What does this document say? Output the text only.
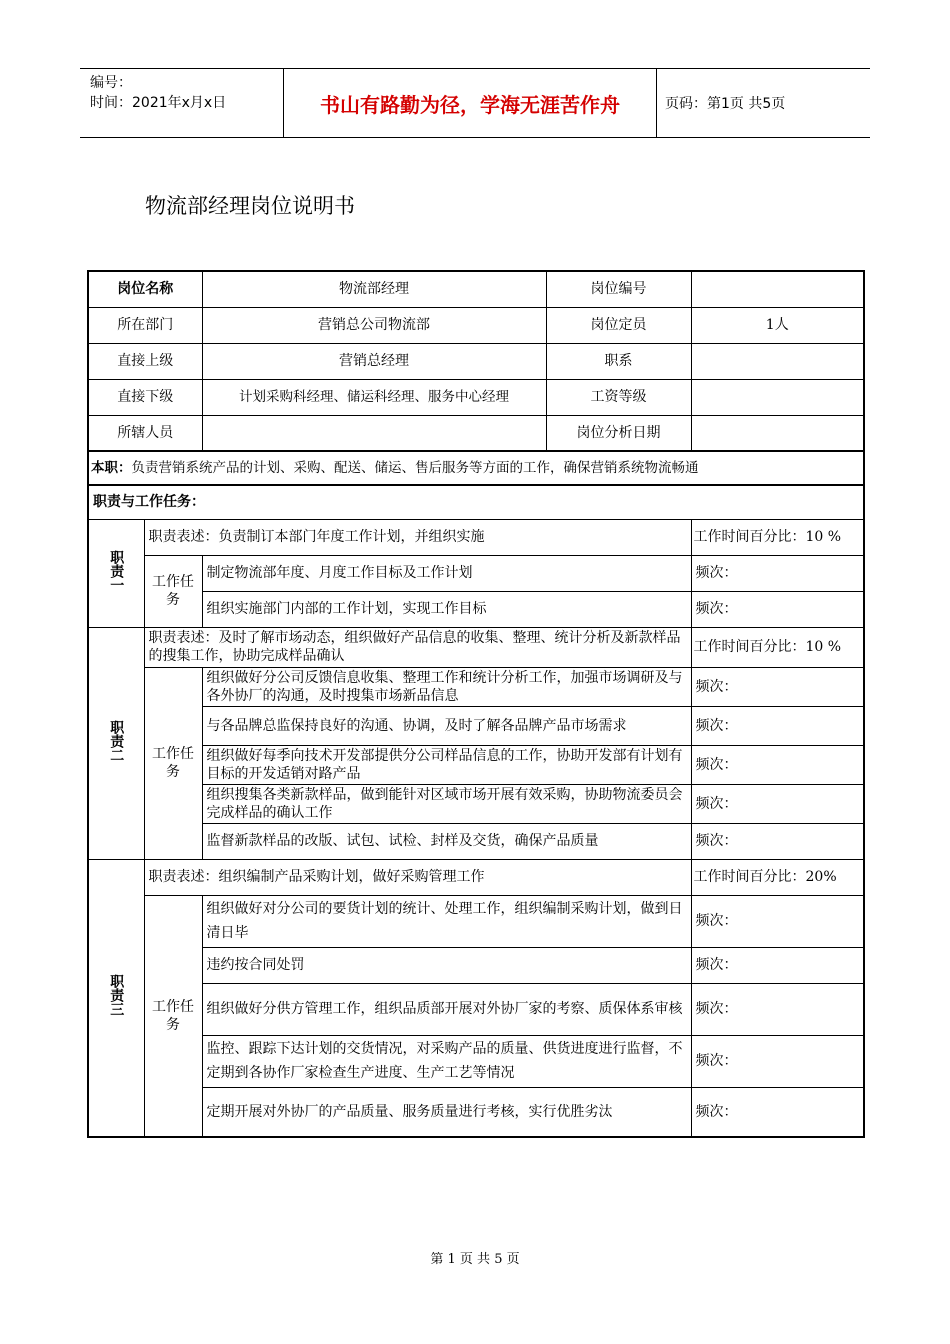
编号：
时间：2021年x月x日	书山有路勤为径，学海无涯苦作舟	页码：第1页 共5页
物流部经理岗位说明书
岗位名称		物流部经理	岗位编号	
所在部门		营销总公司物流部	岗位定员	1人
直接上级		营销总经理	职系	
直接下级		计划采购科经理、储运科经理、服务中心经理	工资等级	
所辖人员			岗位分析日期	
本职：负责营销系统产品的计划、采购、配送、储运、售后服务等方面的工作，确保营销系统物流畅通				
职责与工作任务：				
职责一	职责表述：负责制订本部门年度工作计划，并组织实施			工作时间百分比：10 %
	工作任务	制定物流部年度、月度工作目标及工作计划		频次：
		组织实施部门内部的工作计划，实现工作目标		频次：
职责二	职责表述：及时了解市场动态，组织做好产品信息的收集、整理、统计分析及新款样品的搜集工作，协助完成样品确认			工作时间百分比：10 %
	工作任务	组织做好分公司反馈信息收集、整理工作和统计分析工作，加强市场调研及与各外协厂的沟通，及时搜集市场新品信息		频次：
		与各品牌总监保持良好的沟通、协调，及时了解各品牌产品市场需求		频次：
		组织做好每季向技术开发部提供分公司样品信息的工作，协助开发部有计划有目标的开发适销对路产品		频次：
		组织搜集各类新款样品，做到能针对区域市场开展有效采购，协助物流委员会完成样品的确认工作		频次：
		监督新款样品的改版、试包、试检、封样及交货，确保产品质量		频次：
职责三	职责表述：组织编制产品采购计划，做好采购管理工作			工作时间百分比：20%
	工作任务	组织做好对分公司的要货计划的统计、处理工作，组织编制采购计划，做到日清日毕		频次：
		违约按合同处罚		频次：
		组织做好分供方管理工作，组织品质部开展对外协厂家的考察、质保体系审核		频次：
		监控、跟踪下达计划的交货情况，对采购产品的质量、供货进度进行监督，不定期到各协作厂家检查生产进度、生产工艺等情况		频次：
		定期开展对外协厂的产品质量、服务质量进行考核，实行优胜劣汰		频次：
第 1 页 共 5 页
